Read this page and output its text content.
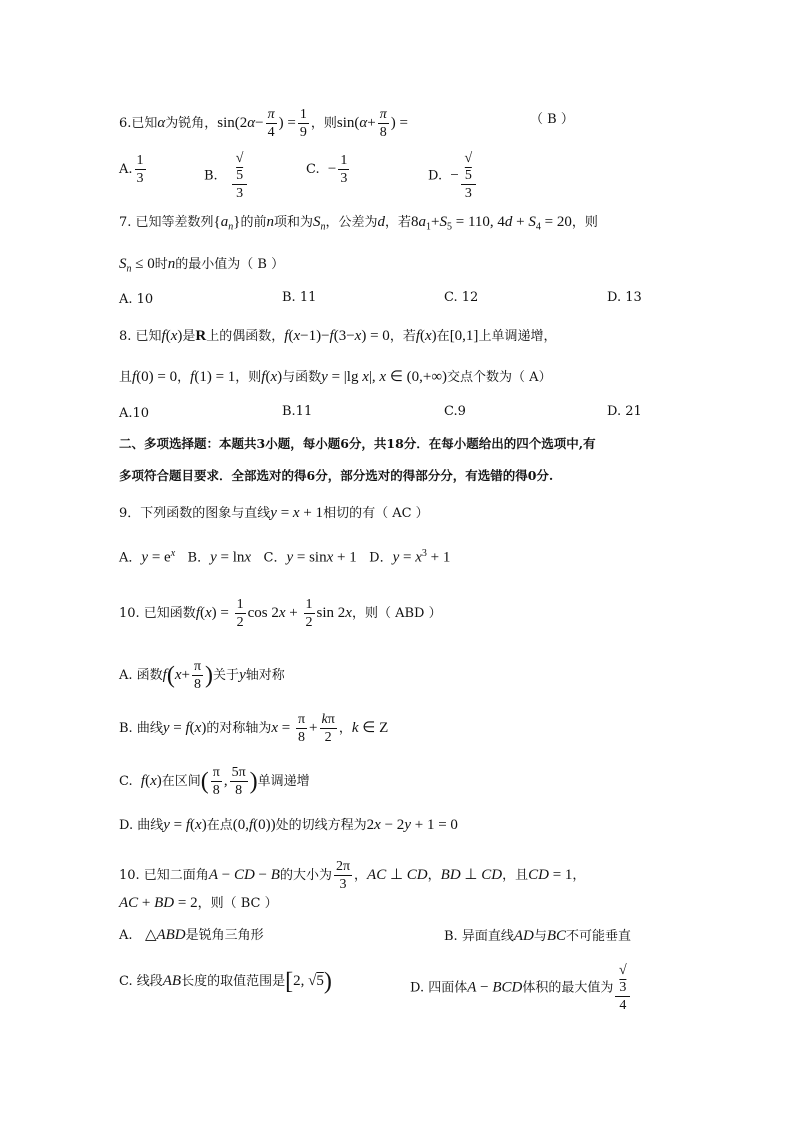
6.已知α为锐角，$\sin(2\alpha- \frac{\pi}{4}$ ) = $\frac{1}{9}$ ，则$\sin(\alpha+ \frac{\pi}{8}$ ) =	（ B ）
A. $\frac{1}{3}$	B. √
5
3	C. − $\frac{1}{3}$	D. − √
5
3
7. 已知等差数列$\{a_n\}$的前n项和为$S_n$，公差为d，若$8a_1+S_5 = 110$, $4d + S_4 = 20$，则
$S_n \le 0$时n的最小值为（ B ）
A. 10	B. 11	C. 12	D. 13
8. 已知f(x)是R上的偶函数，f(x−1)−f(3−x) = 0，若f(x)在[0,1]上单调递增，
且f(0) = 0，f(1) = 1，则f(x)与函数y = |lg x|, x ∈ (0,+∞)交点个数为（ A）
A.10	B.11	C.9	D. 21
二、多项选择题：本题共3小题，每小题6分，共18分．在每小题给出的四个选项中,有
多项符合题目要求．全部选对的得6分，部分选对的得部分分，有选错的得0分.
9．下列函数的图象与直线y = x + 1相切的有（ AC ）
A．$y = e^x$ B．y = lnx C．y = sinx + 1 D．$y = x^3 + 1$
10. 已知函数$f(x) = \frac{1}{2}$ $\cos 2x + \frac{1}{2}$ sin 2x，则（ ABD ）
A. 函数$f(x+ \frac{\pi}{8}$ )关于y轴对称
B. 曲线y = f(x)的对称轴为$x = \frac{\pi}{8} + \frac{k\pi}{2}$ ，k ∈ Z
C. f(x)在区间( $\frac{\pi}{8}$ , $\frac{5\pi}{8}$ )单调递增
D. 曲线y = f(x)在点(0,f(0))处的切线方程为2x − 2y + 1 = 0
10. 已知二面角A − CD − B的大小为 $\frac{2\pi}{3}$ ，AC ⊥ CD，BD ⊥ CD，且CD = 1，
AC + BD = 2，则（ BC ）
A. △ABD是锐角三角形	B. 异面直线AD与BC不可能垂直
C. 线段AB长度的取值范围是[2, √5)	D. 四面体A − BCD体积的最大值为 √
3
4
